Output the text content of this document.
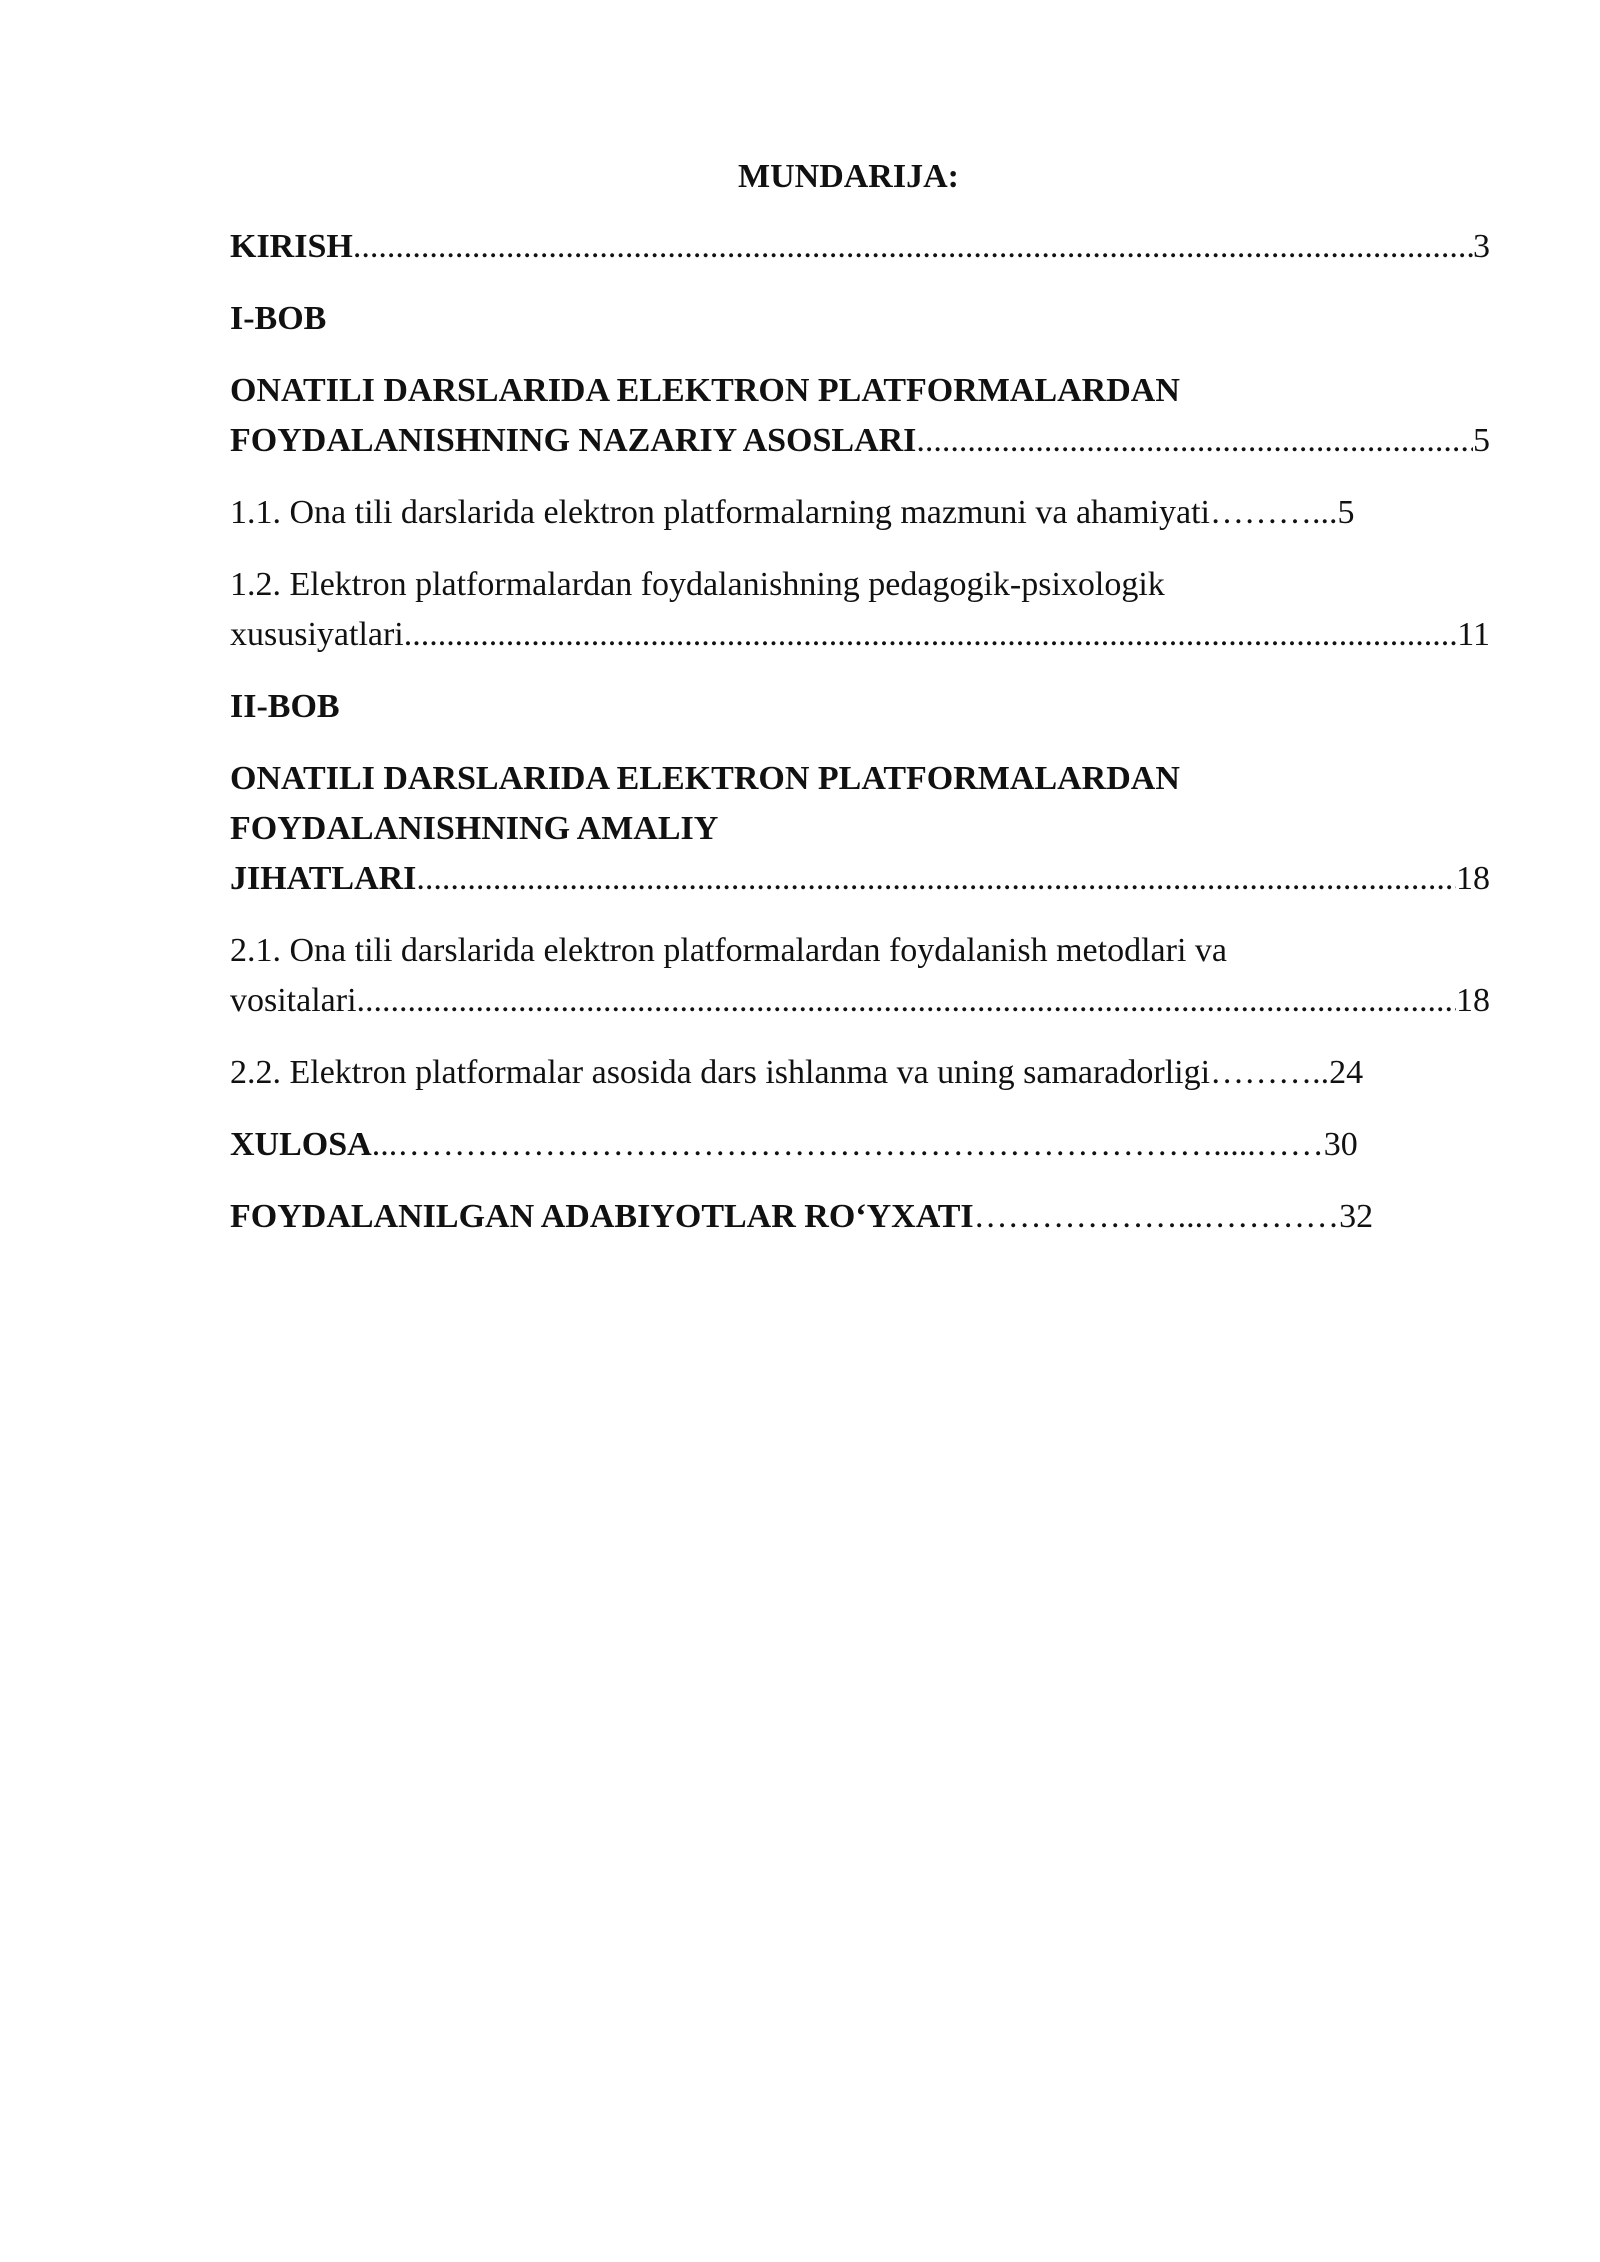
MUNDARIJA:
KIRISH .....	3
I-BOB
ONATILI DARSLARIDA ELEKTRON PLATFORMALARDAN
FOYDALANISHNING NAZARIY ASOSLARI .....	5
1.1. Ona tili darslarida elektron platformalarning mazmuni va ahamiyati ………... 5
1.2. Elektron platformalardan foydalanishning pedagogik-psixologik
xususiyatlari .....	11
II-BOB
ONATILI DARSLARIDA ELEKTRON PLATFORMALARDAN
FOYDALANISHNING AMALIY
JIHATLARI .....	18
2.1. Ona tili darslarida elektron platformalardan foydalanish metodlari va
vositalari .....	18
2.2. Elektron platformalar asosida dars ishlanma va uning samaradorligi ……….. 24
XULOSA ...……………………………………………………………….....…… 30
FOYDALANILGAN ADABIYOTLAR RO‘YXATI ………………...………… 32
